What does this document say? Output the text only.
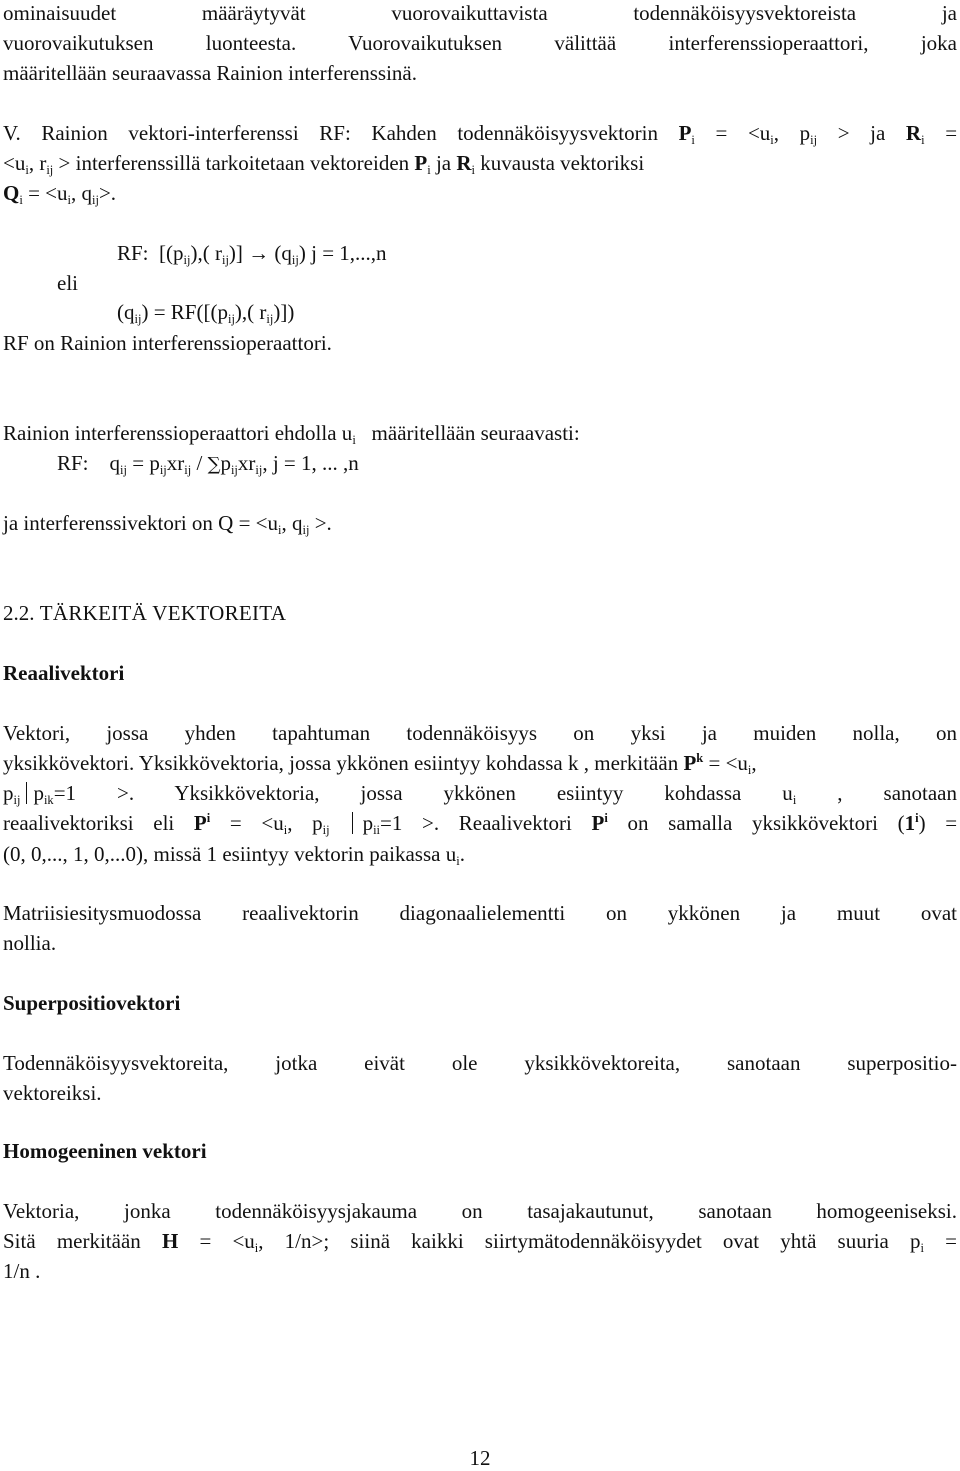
ominaisuudet määräytyvät vuorovaikuttavista todennäköisyysvektoreista ja
vuorovaikutuksen luonteesta. Vuorovaikutuksen välittää interferenssioperaattori, joka
määritellään seuraavassa Rainion interferenssinä.
V. Rainion vektori-interferenssi RF: Kahden todennäköisyysvektorin $P_i = <u_i$, $p_{ij}$ > ja $R_i$ =
$<u_i$, $r_{ij}$ > interferenssillä tarkoitetaan vektoreiden $P_i$ ja $R_i$ kuvausta vektoriksi
$Q_i = <u_i$, $q_{ij}>$.
RF: [$(p_{ij})$,( $r_{ij})] \to (q_{ij})$ j = 1,...,n
eli
$(q_{ij}) = RF([(p_{ij})$,( $r_{ij}$)])
RF on Rainion interferenssioperaattori.
Rainion interferenssioperaattori ehdolla $u_i$ määritellään seuraavasti:
RF: $q_{ij} = p_{ij}xr_{ij} / \sum p_{ij}xr_{ij}$, j = 1, ... ,n
ja interferenssivektori on $Q = <u_i$, $q_{ij}$ >.
2.2. TÄRKEITÄ VEKTOREITA
Reaalivektori
Vektori, jossa yhden tapahtuman todennäköisyys on yksi ja muiden nolla, on
yksikkövektori. Yksikkövektoria, jossa ykkönen esiintyy kohdassa k , merkitään $P^k = <u_i$,
$p_{ij}$ $p_{ik}=1$ >. Yksikkövektoria, jossa ykkönen esiintyy kohdassa $u_i$ , sanotaan
reaalivektoriksi eli $P^i = <u_i$, $p_{ij}$ $p_{ii}=1$ >. Reaalivektori $P^i$ on samalla yksikkövektori $(1^i)$ =
(0, 0,..., 1, 0,...0), missä 1 esiintyy vektorin paikassa $u_i$.
Matriisiesitysmuodossa reaalivektorin diagonaalielementti on ykkönen ja muut ovat
nollia.
Superpositiovektori
Todennäköisyysvektoreita, jotka eivät ole yksikkövektoreita, sanotaan superpositio-
vektoreiksi.
Homogeeninen vektori
Vektoria, jonka todennäköisyysjakauma on tasajakautunut, sanotaan homogeeniseksi.
Sitä merkitään $H = <u_i$, 1/n>; siinä kaikki siirtymätodennäköisyydet ovat yhtä suuria $p_i$ =
1/n .
12
